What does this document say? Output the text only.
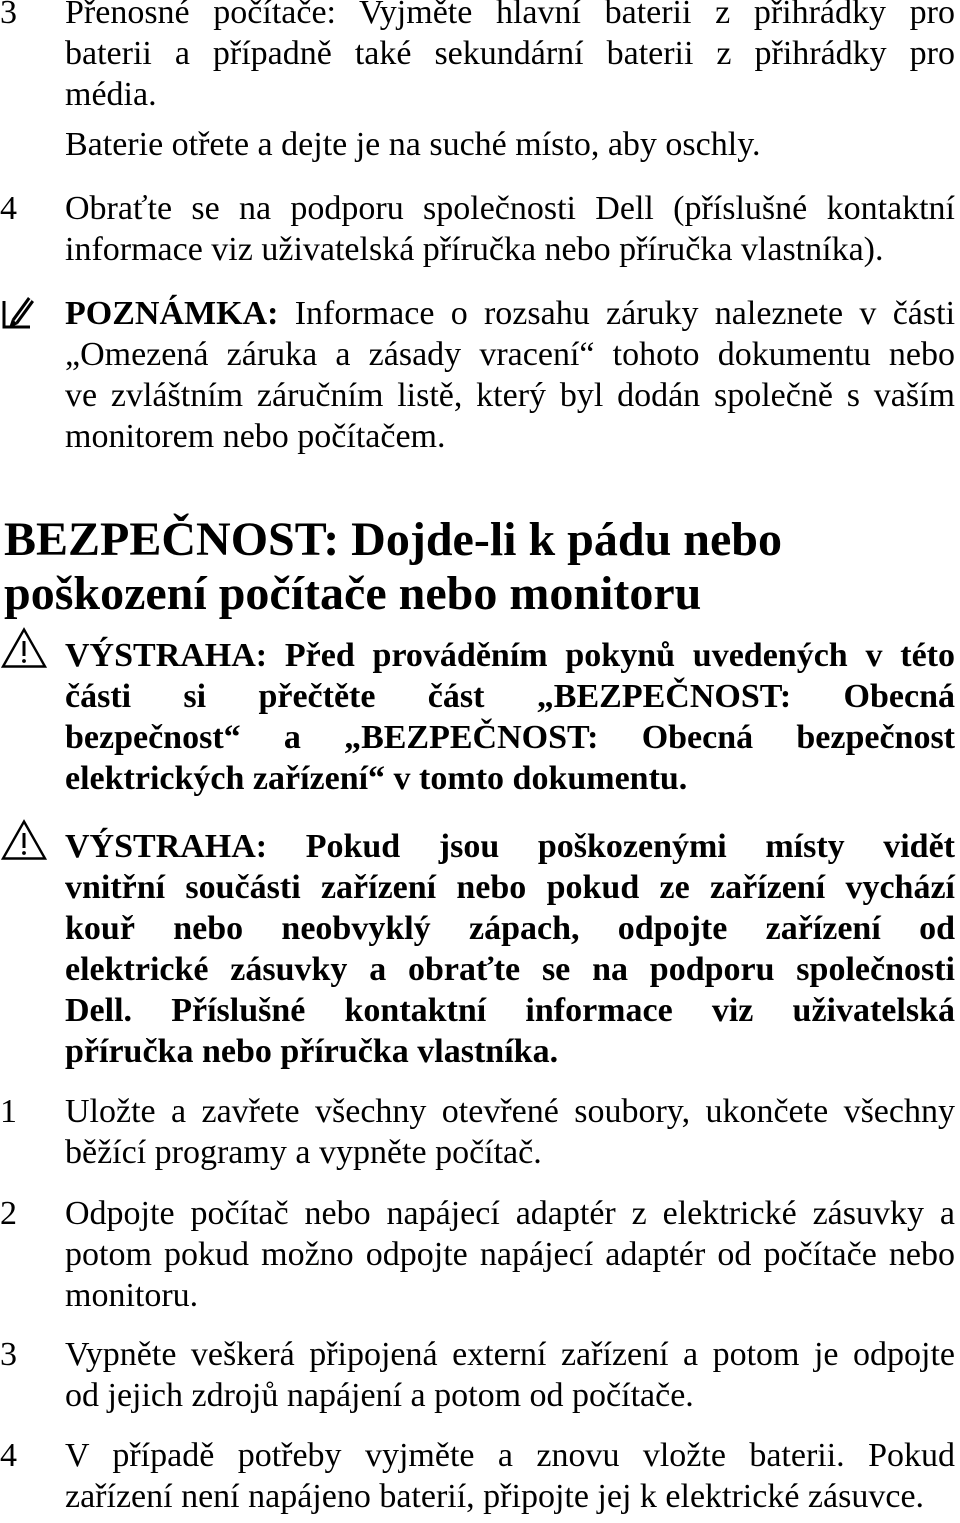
3 Přenosné počítače: Vyjměte hlavní baterii z přihrádky pro
baterii a případně také sekundární baterii z přihrádky pro
média.
Baterie otřete a dejte je na suché místo, aby oschly.
4 Obraťte se na podporu společnosti Dell (příslušné kontaktní
informace viz uživatelská příručka nebo příručka vlastníka).
POZNÁMKA: Informace o rozsahu záruky naleznete v části
„Omezená záruka a zásady vracení“ tohoto dokumentu nebo
ve zvláštním záručním listě, který byl dodán společně s vaším
monitorem nebo počítačem.
BEZPEČNOST: Dojde-li k pádu nebo
poškození počítače nebo monitoru
VÝSTRAHA: Před prováděním pokynů uvedených v této
části si přečtěte část „BEZPEČNOST: Obecná
bezpečnost“ a „BEZPEČNOST: Obecná bezpečnost
elektrických zařízení“ v tomto dokumentu.
VÝSTRAHA: Pokud jsou poškozenými místy vidět
vnitřní součásti zařízení nebo pokud ze zařízení vychází
kouř nebo neobvyklý zápach, odpojte zařízení od
elektrické zásuvky a obraťte se na podporu společnosti
Dell. Příslušné kontaktní informace viz uživatelská
příručka nebo příručka vlastníka.
1 Uložte a zavřete všechny otevřené soubory, ukončete všechny
běžící programy a vypněte počítač.
2 Odpojte počítač nebo napájecí adaptér z elektrické zásuvky a
potom pokud možno odpojte napájecí adaptér od počítače nebo
monitoru.
3 Vypněte veškerá připojená externí zařízení a potom je odpojte
od jejich zdrojů napájení a potom od počítače.
4 V případě potřeby vyjměte a znovu vložte baterii. Pokud
zařízení není napájeno baterií, připojte jej k elektrické zásuvce.
